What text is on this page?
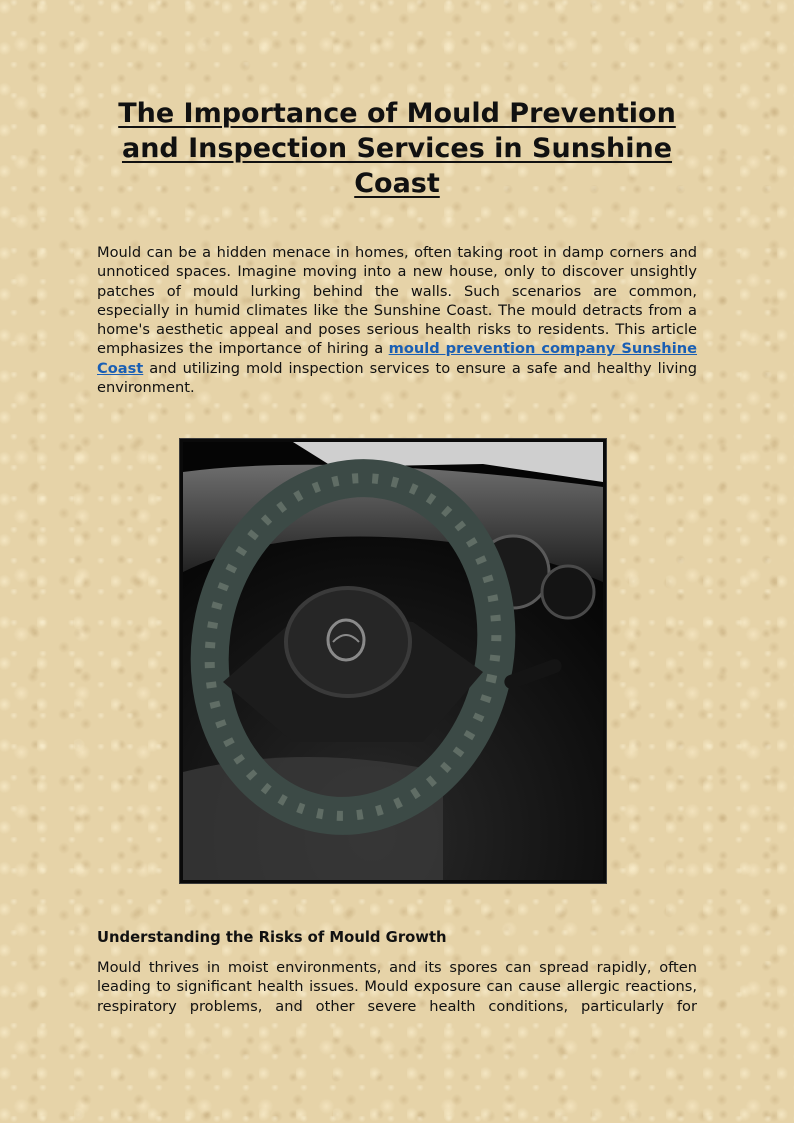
The Importance of Mould Prevention and Inspection Services in Sunshine Coast

Mould can be a hidden menace in homes, often taking root in damp corners and unnoticed spaces. Imagine moving into a new house, only to discover unsightly patches of mould lurking behind the walls. Such scenarios are common, especially in humid climates like the Sunshine Coast. The mould detracts from a home's aesthetic appeal and poses serious health risks to residents. This article emphasizes the importance of hiring a mould prevention company Sunshine Coast and utilizing mold inspection services to ensure a safe and healthy living environment.

Understanding the Risks of Mould Growth

Mould thrives in moist environments, and its spores can spread rapidly, often leading to significant health issues. Mould exposure can cause allergic reactions, respiratory problems, and other severe health conditions, particularly for
